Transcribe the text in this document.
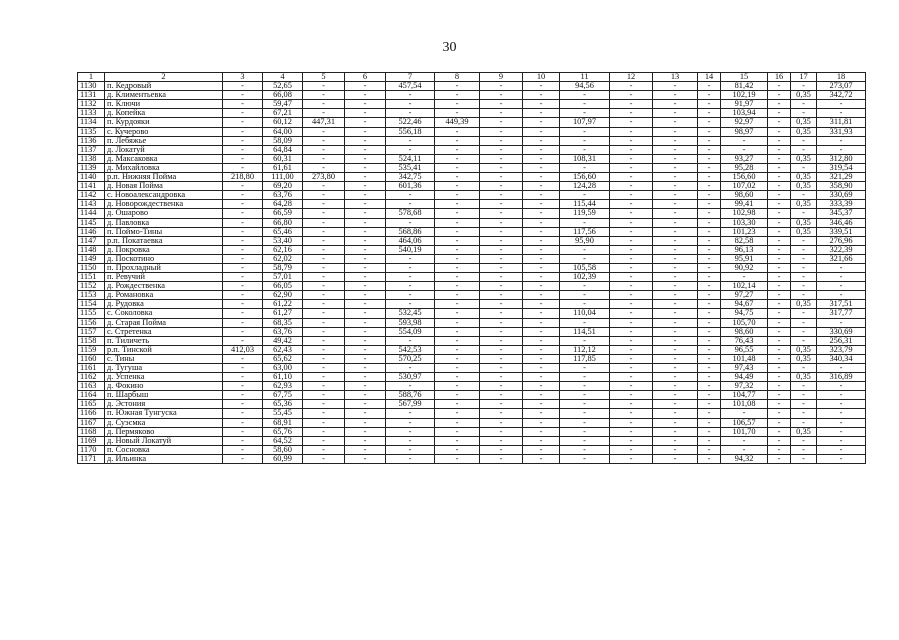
30
1	2	3	4	5	6	7	8	9	10	11	12	13	14	15	16	17	18
1130	п. Кедровый	-	52,65	-	-	457,54	-	-	-	94,56	-	-	-	81,42	-	-	273,07
1131	д. Климентьевка	-	66,08	-	-	-	-	-	-	-	-	-	-	102,19	-	0,35	342,72
1132	п. Ключи	-	59,47	-	-	-	-	-	-	-	-	-	-	91,97	-	-	-
1133	д. Копейка	-	67,21	-	-	-	-	-	-	-	-	-	-	103,94	-	-	-
1134	п. Курдояки	-	60,12	447,31	-	522,46	449,39	-	-	107,97	-	-	-	92,97	-	0,35	311,81
1135	с. Кучерово	-	64,00	-	-	556,18	-	-	-	-	-	-	-	98,97	-	0,35	331,93
1136	п. Лебяжье	-	58,09	-	-	-	-	-	-	-	-	-	-	-	-	-	-
1137	д. Локатуй	-	64,84	-	-	-	-	-	-	-	-	-	-	-	-	-	-
1138	д. Максаковка	-	60,31	-	-	524,11	-	-	-	108,31	-	-	-	93,27	-	0,35	312,80
1139	д. Михайловка	-	61,61	-	-	535,41	-	-	-	-	-	-	-	95,28	-	-	319,54
1140	р.п. Нижняя Пойма	218,80	111,00	273,80	-	342,75	-	-	-	156,60	-	-	-	156,60	-	0,35	321,29
1141	д. Новая Пойма	-	69,20	-	-	601,36	-	-	-	124,28	-	-	-	107,02	-	0,35	358,90
1142	с. Новоалександровка	-	63,76	-	-	-	-	-	-	-	-	-	-	98,60	-	-	330,69
1143	д. Новорождественка	-	64,28	-	-	-	-	-	-	115,44	-	-	-	99,41	-	0,35	333,39
1144	д. Ошарово	-	66,59	-	-	578,68	-	-	-	119,59	-	-	-	102,98	-	-	345,37
1145	д. Павловка	-	66,80	-	-	-	-	-	-	-	-	-	-	103,30	-	0,35	346,46
1146	п. Поймо-Тины	-	65,46	-	-	568,86	-	-	-	117,56	-	-	-	101,23	-	0,35	339,51
1147	р.п. Покатаевка	-	53,40	-	-	464,06	-	-	-	95,90	-	-	-	82,58	-	-	276,96
1148	д. Покровка	-	62,16	-	-	540,19	-	-	-	-	-	-	-	96,13	-	-	322,39
1149	д. Поскотино	-	62,02	-	-	-	-	-	-	-	-	-	-	95,91	-	-	321,66
1150	п. Прохладный	-	58,79	-	-	-	-	-	-	105,58	-	-	-	90,92	-	-	-
1151	п. Ревучий	-	57,01	-	-	-	-	-	-	102,39	-	-	-	-	-	-	-
1152	д. Рождественка	-	66,05	-	-	-	-	-	-	-	-	-	-	102,14	-	-	-
1153	д. Романовка	-	62,90	-	-	-	-	-	-	-	-	-	-	97,27	-	-	-
1154	д. Рудовка	-	61,22	-	-	-	-	-	-	-	-	-	-	94,67	-	0,35	317,51
1155	с. Соколовка	-	61,27	-	-	532,45	-	-	-	110,04	-	-	-	94,75	-	-	317,77
1156	д. Старая Пойма	-	68,35	-	-	593,98	-	-	-	-	-	-	-	105,70	-	-	-
1157	с. Стретенка	-	63,76	-	-	554,09	-	-	-	114,51	-	-	-	98,60	-	-	330,69
1158	п. Тиличеть	-	49,42	-	-	-	-	-	-	-	-	-	-	76,43	-	-	256,31
1159	р.п. Тинской	412,03	62,43	-	-	542,53	-	-	-	112,12	-	-	-	96,55	-	0,35	323,79
1160	с. Тины	-	65,62	-	-	570,25	-	-	-	117,85	-	-	-	101,48	-	0,35	340,34
1161	д. Тугуша	-	63,00	-	-	-	-	-	-	-	-	-	-	97,43	-	-	-
1162	д. Успенка	-	61,10	-	-	530,97	-	-	-	-	-	-	-	94,49	-	0,35	316,89
1163	д. Фокино	-	62,93	-	-	-	-	-	-	-	-	-	-	97,32	-	-	-
1164	п. Шарбыш	-	67,75	-	-	588,76	-	-	-	-	-	-	-	104,77	-	-	-
1165	д. Эстония	-	65,36	-	-	567,99	-	-	-	-	-	-	-	101,08	-	-	-
1166	п. Южная Тунгуска	-	55,45	-	-	-	-	-	-	-	-	-	-	-	-	-	-
1167	д. Суэсмка	-	68,91	-	-	-	-	-	-	-	-	-	-	106,57	-	-	-
1168	д. Пермяково	-	65,76	-	-	-	-	-	-	-	-	-	-	101,70	-	0,35	-
1169	д. Новый Локатуй	-	64,52	-	-	-	-	-	-	-	-	-	-	-	-	-	-
1170	п. Сосновка	-	58,60	-	-	-	-	-	-	-	-	-	-	-	-	-	-
1171	д. Ильинка	-	60,99	-	-	-	-	-	-	-	-	-	-	94,32	-	-	-
